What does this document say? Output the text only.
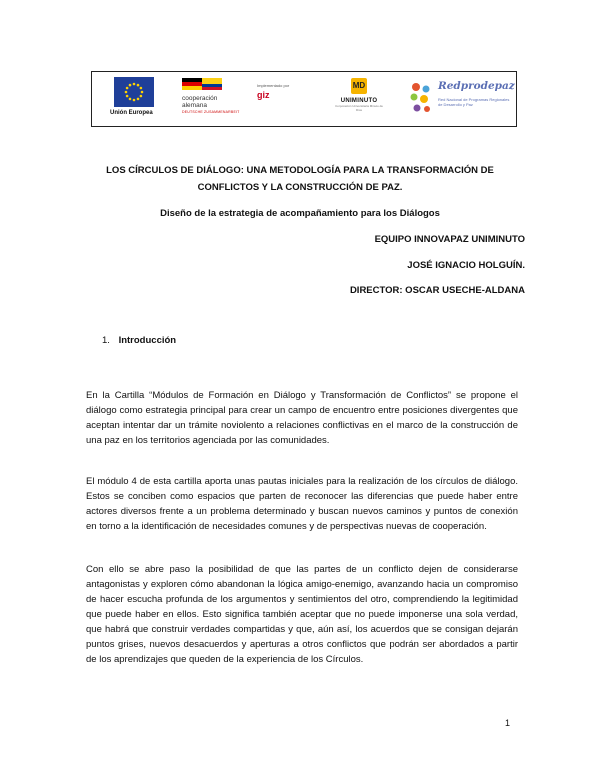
Unión Europea
cooperación
alemana
DEUTSCHE ZUSAMMENARBEIT
Implementado por
giz
MD
UNIMINUTO
Corporación Universitaria Minuto de Dios
Redprodepaz
Red Nacional de Programas Regionales de Desarrollo y Paz
LOS CÍRCULOS DE DIÁLOGO: UNA METODOLOGÍA PARA LA TRANSFORMACIÓN DE
CONFLICTOS Y LA CONSTRUCCIÓN DE PAZ.
Diseño de la estrategia de acompañamiento para los Diálogos
EQUIPO INNOVAPAZ UNIMINUTO
JOSÉ IGNACIO HOLGUÍN.
DIRECTOR: OSCAR USECHE-ALDANA
1. Introducción

En la Cartilla “Módulos de Formación en Diálogo y Transformación de Conflictos” se propone el diálogo como estrategia principal para crear un campo de encuentro entre posiciones divergentes que aceptan intentar dar un trámite noviolento a relaciones conflictivas en el marco de la construcción de una paz en los territorios agenciada por las comunidades.

El módulo 4 de esta cartilla aporta unas pautas iniciales para la realización de los círculos de diálogo. Estos se conciben como espacios que parten de reconocer las diferencias que puede haber entre actores diversos frente a un problema determinado y buscan nuevos caminos y puntos de conexión en torno a la identificación de necesidades comunes y de perspectivas nuevas de cooperación.

Con ello se abre paso la posibilidad de que las partes de un conflicto dejen de considerarse antagonistas y exploren cómo abandonan la lógica amigo-enemigo, avanzando hacia un compromiso de hacer escucha profunda de los argumentos y sentimientos del otro, comprendiendo la legitimidad que puede haber en ellos. Esto significa también aceptar que no puede imponerse una sola verdad, que habrá que construir verdades compartidas y que, aún así, los acuerdos que se consigan dejarán puntos grises, nuevos desacuerdos y aperturas a otros conflictos que podrán ser abordados a partir de los aprendizajes que queden de la experiencia de los Círculos.

1
